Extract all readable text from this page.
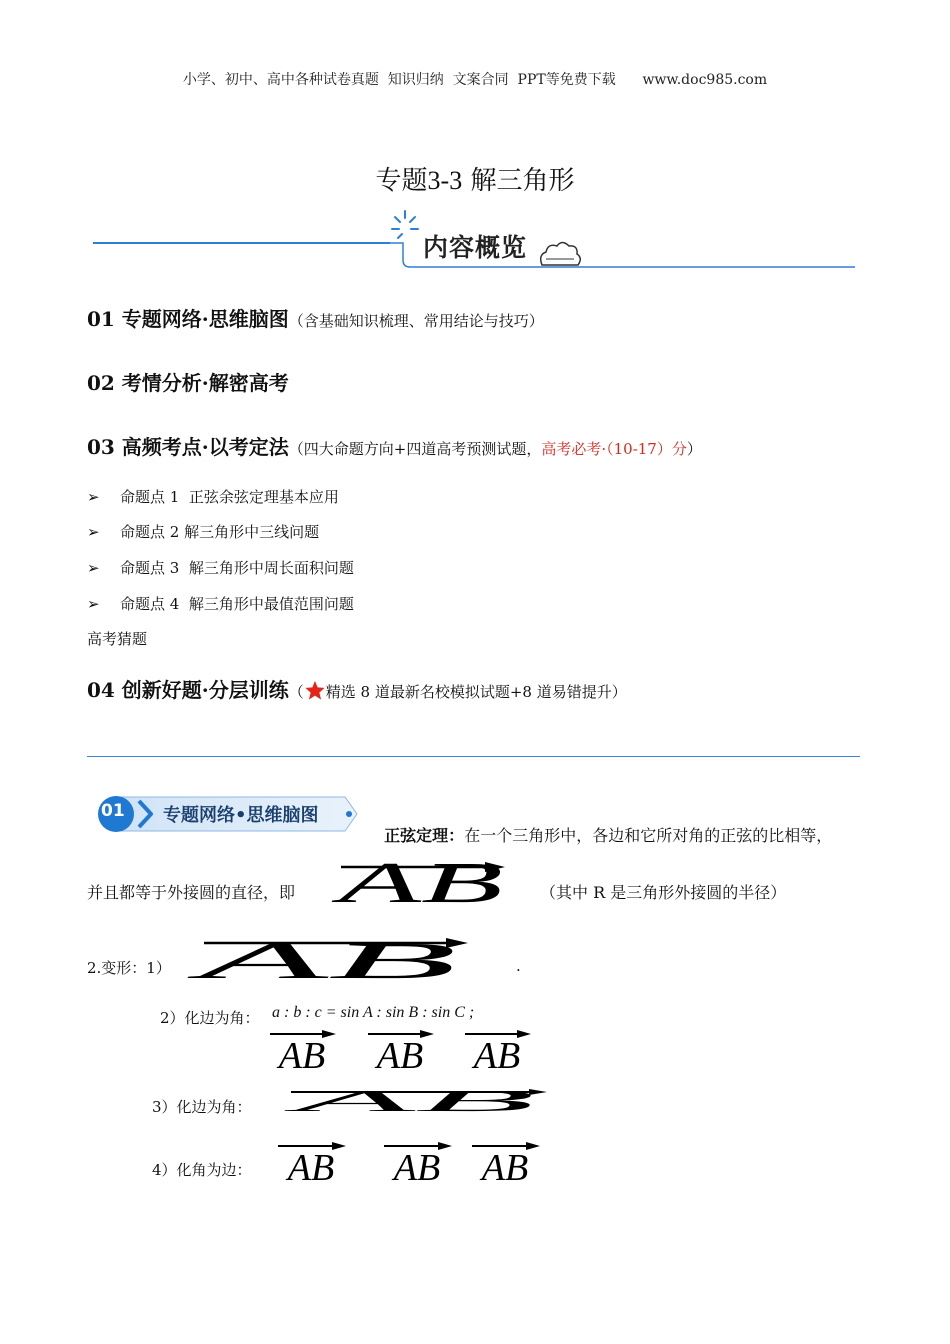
小学、初中、高中各种试卷真题  知识归纳  文案合同  PPT等免费下载      www.doc985.com
专题3-3 解三角形
内容概览
01 专题网络·思维脑图（含基础知识梳理、常用结论与技巧）
02 考情分析·解密高考
03 高频考点·以考定法（四大命题方向+四道高考预测试题，高考必考·（10-17）分）
➢ 命题点 1  正弦余弦定理基本应用
➢ 命题点 2 解三角形中三线问题
➢ 命题点 3  解三角形中周长面积问题
➢ 命题点 4  解三角形中最值范围问题
高考猜题
04 创新好题·分层训练（ 精选 8 道最新名校模拟试题+8 道易错提升）
01 专题网络•思维脑图

正弦定理：在一个三角形中，各边和它所对角的正弦的比相等，

并且都等于外接圆的直径，即 AB （其中 R 是三角形外接圆的半径）
2.变形：1） AB	.
2）化边为角： a : b : c = sin A : sin B : sin C ;
AB AB AB
3）化边为角： AB
4）化角为边： AB AB AB
